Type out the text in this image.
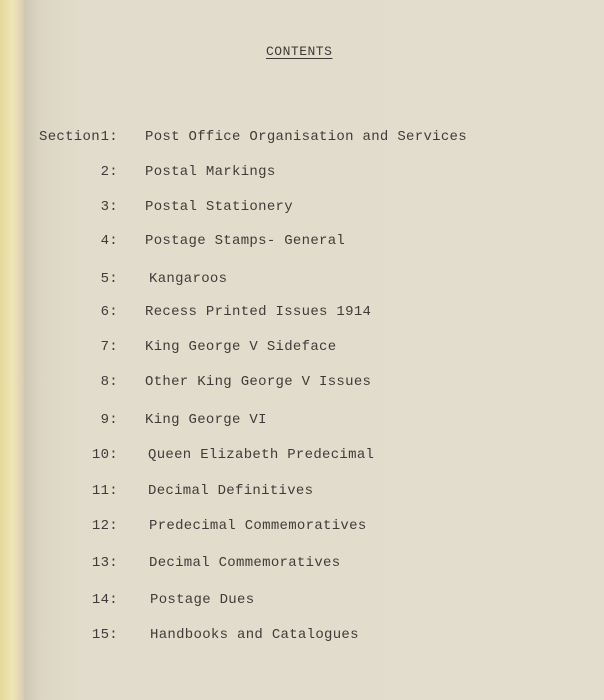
CONTENTS
Section 1: Post Office Organisation and Services
2: Postal Markings
3: Postal Stationery
4: Postage Stamps- General
5: Kangaroos
6: Recess Printed Issues 1914
7: King George V Sideface
8: Other King George V Issues
9: King George VI
10: Queen Elizabeth Predecimal
11: Decimal Definitives
12: Predecimal Commemoratives
13: Decimal Commemoratives
14: Postage Dues
15: Handbooks and Catalogues
